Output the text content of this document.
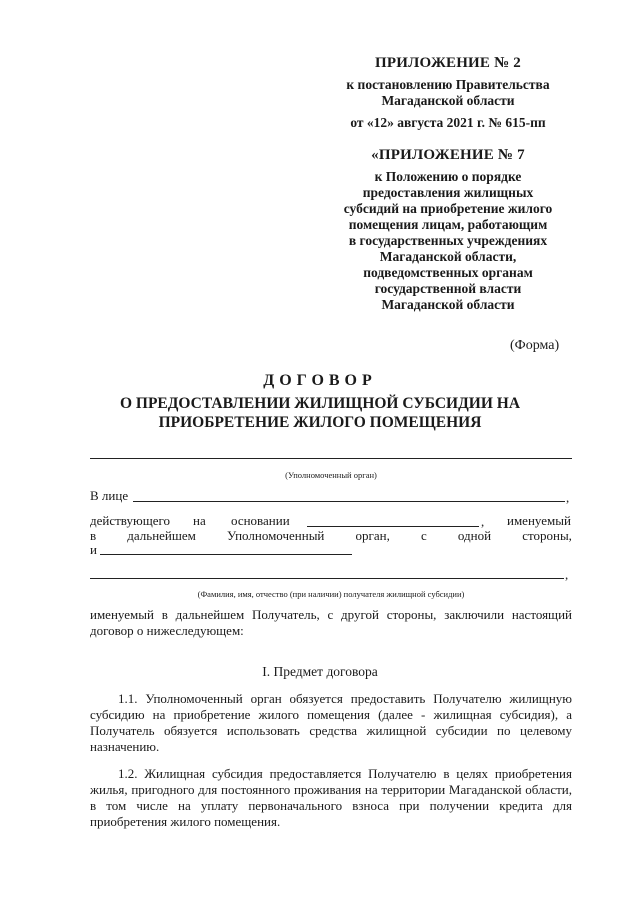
ПРИЛОЖЕНИЕ № 2
к постановлению Правительства
Магаданской области
от «12» августа 2021 г. № 615-пп
«ПРИЛОЖЕНИЕ № 7
к Положению о порядке
предоставления жилищных
субсидий на приобретение жилого
помещения лицам, работающим
в государственных учреждениях
Магаданской области,
подведомственных органам
государственной власти
Магаданской области
(Форма)
ДОГОВОР
О ПРЕДОСТАВЛЕНИИ ЖИЛИЩНОЙ СУБСИДИИ НА
ПРИОБРЕТЕНИЕ ЖИЛОГО ПОМЕЩЕНИЯ
(Уполномоченный орган)
В лице	,
действующего на основании	, именуемый
в дальнейшем Уполномоченный орган, с одной стороны,
и
,
(Фамилия, имя, отчество (при наличии) получателя жилищной субсидии)
именуемый в дальнейшем Получатель, с другой стороны, заключили настоящий договор о нижеследующем:
I. Предмет договора
1.1. Уполномоченный орган обязуется предоставить Получателю жилищную субсидию на приобретение жилого помещения (далее - жилищная субсидия), а Получатель обязуется использовать средства жилищной субсидии по целевому назначению.
1.2. Жилищная субсидия предоставляется Получателю в целях приобретения жилья, пригодного для постоянного проживания на территории Магаданской области, в том числе на уплату первоначального взноса при получении кредита для приобретения жилого помещения.
